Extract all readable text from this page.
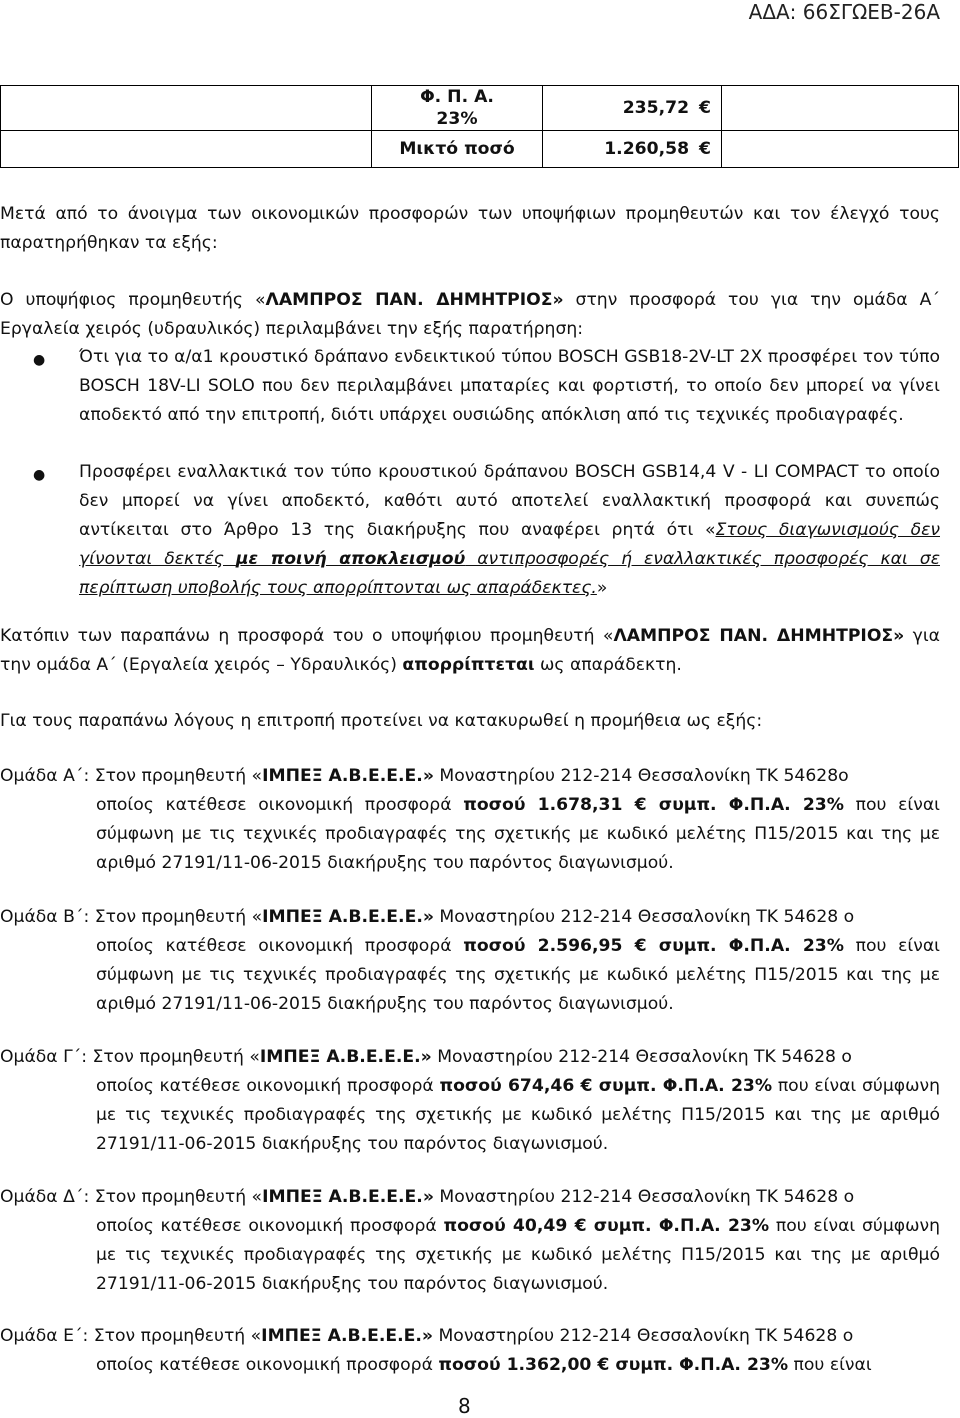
ΑΔΑ: 66ΣΓΩΕΒ-26Α
	Φ. Π. Α.
23%	235,72 €	
	Μικτό ποσό	1.260,58 €	

Μετά από το άνοιγμα των οικονομικών προσφορών των υποψήφιων προμηθευτών και τον έλεγχό τους παρατηρήθηκαν τα εξής:

Ο υποψήφιος προμηθευτής «ΛΑΜΠΡΟΣ ΠΑΝ. ΔΗΜΗΤΡΙΟΣ» στην προσφορά του για την ομάδα Α΄ Εργαλεία χειρός (υδραυλικός) περιλαμβάνει την εξής παρατήρηση:

● Ότι για το α/α1 κρουστικό δράπανο ενδεικτικού τύπου BOSCH GSB18-2V-LT 2X προσφέρει τον τύπο BOSCH 18V-LI SOLO που δεν περιλαμβάνει μπαταρίες και φορτιστή, το οποίο δεν μπορεί να γίνει αποδεκτό από την επιτροπή, διότι υπάρχει ουσιώδης απόκλιση από τις τεχνικές προδιαγραφές.

● Προσφέρει εναλλακτικά τον τύπο κρουστικού δράπανου BOSCH GSB14,4 V - LI COMPACT το οποίο δεν μπορεί να γίνει αποδεκτό, καθότι αυτό αποτελεί εναλλακτική προσφορά και συνεπώς αντίκειται στο Άρθρο 13 της διακήρυξης που αναφέρει ρητά ότι «Στους διαγωνισμούς δεν γίνονται δεκτές με ποινή αποκλεισμού αντιπροσφορές ή εναλλακτικές προσφορές και σε περίπτωση υποβολής τους απορρίπτονται ως απαράδεκτες.»

Κατόπιν των παραπάνω η προσφορά του ο υποψήφιου προμηθευτή «ΛΑΜΠΡΟΣ ΠΑΝ. ΔΗΜΗΤΡΙΟΣ» για την ομάδα Α΄ (Εργαλεία χειρός – Υδραυλικός) απορρίπτεται ως απαράδεκτη.

Για τους παραπάνω λόγους η επιτροπή προτείνει να κατακυρωθεί η προμήθεια ως εξής:

Ομάδα Α΄: Στον προμηθευτή «ΙΜΠΕΞ Α.Β.Ε.Ε.Ε.» Μοναστηρίου 212-214 Θεσσαλονίκη ΤΚ 54628ο

οποίος κατέθεσε οικονομική προσφορά ποσού 1.678,31 € συμπ. Φ.Π.Α. 23% που είναι σύμφωνη με τις τεχνικές προδιαγραφές της σχετικής με κωδικό μελέτης Π15/2015 και της με αριθμό 27191/11-06-2015 διακήρυξης του παρόντος διαγωνισμού.

Ομάδα Β΄: Στον προμηθευτή «ΙΜΠΕΞ Α.Β.Ε.Ε.Ε.» Μοναστηρίου 212-214 Θεσσαλονίκη ΤΚ 54628 ο

οποίος κατέθεσε οικονομική προσφορά ποσού 2.596,95 € συμπ. Φ.Π.Α. 23% που είναι σύμφωνη με τις τεχνικές προδιαγραφές της σχετικής με κωδικό μελέτης Π15/2015 και της με αριθμό 27191/11-06-2015 διακήρυξης του παρόντος διαγωνισμού.

Ομάδα Γ΄: Στον προμηθευτή «ΙΜΠΕΞ Α.Β.Ε.Ε.Ε.» Μοναστηρίου 212-214 Θεσσαλονίκη ΤΚ 54628 ο

οποίος κατέθεσε οικονομική προσφορά ποσού 674,46 € συμπ. Φ.Π.Α. 23% που είναι σύμφωνη με τις τεχνικές προδιαγραφές της σχετικής με κωδικό μελέτης Π15/2015 και της με αριθμό 27191/11-06-2015 διακήρυξης του παρόντος διαγωνισμού.

Ομάδα Δ΄: Στον προμηθευτή «ΙΜΠΕΞ Α.Β.Ε.Ε.Ε.» Μοναστηρίου 212-214 Θεσσαλονίκη ΤΚ 54628 ο

οποίος κατέθεσε οικονομική προσφορά ποσού 40,49 € συμπ. Φ.Π.Α. 23% που είναι σύμφωνη με τις τεχνικές προδιαγραφές της σχετικής με κωδικό μελέτης Π15/2015 και της με αριθμό 27191/11-06-2015 διακήρυξης του παρόντος διαγωνισμού.

Ομάδα Ε΄: Στον προμηθευτή «ΙΜΠΕΞ Α.Β.Ε.Ε.Ε.» Μοναστηρίου 212-214 Θεσσαλονίκη ΤΚ 54628 ο

οποίος κατέθεσε οικονομική προσφορά ποσού 1.362,00 € συμπ. Φ.Π.Α. 23% που είναι

8
